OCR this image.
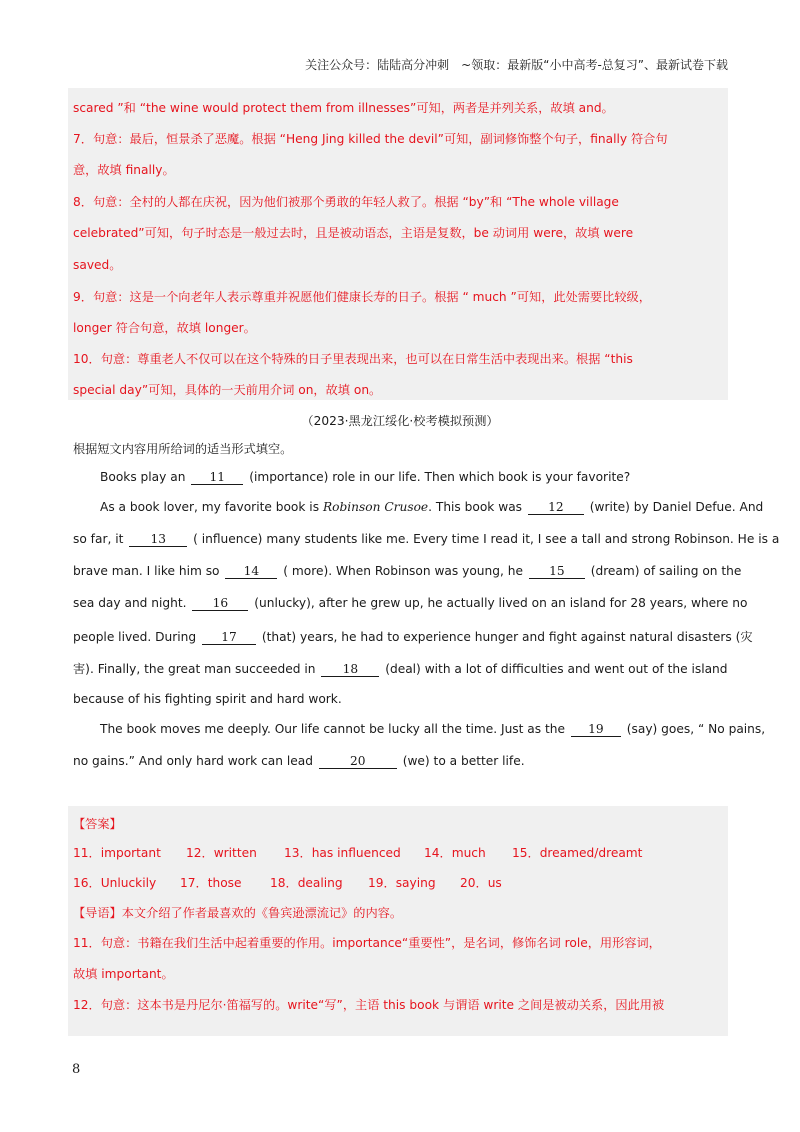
关注公众号：陆陆高分冲刺　~领取：最新版“小中高考-总复习”、最新试卷下载
scared ”和 “the wine would protect them from illnesses”可知，两者是并列关系，故填 and。
7．句意：最后，恒景杀了恶魔。根据 “Heng Jing killed the devil”可知，副词修饰整个句子，finally 符合句
意，故填 finally。
8．句意：全村的人都在庆祝，因为他们被那个勇敢的年轻人救了。根据 “by”和 “The whole village
celebrated”可知，句子时态是一般过去时，且是被动语态，主语是复数，be 动词用 were，故填 were
saved。
9．句意：这是一个向老年人表示尊重并祝愿他们健康长寿的日子。根据 “ much ”可知，此处需要比较级，
longer 符合句意，故填 longer。
10．句意：尊重老人不仅可以在这个特殊的日子里表现出来，也可以在日常生活中表现出来。根据 “this
special day”可知，具体的一天前用介词 on，故填 on。
（2023·黑龙江绥化·校考模拟预测）
根据短文内容用所给词的适当形式填空。
Books play an 11 (importance) role in our life. Then which book is your favorite?
As a book lover, my favorite book is Robinson Crusoe. This book was 12 (write) by Daniel Defue. And
so far, it 13 ( influence) many students like me. Every time I read it, I see a tall and strong Robinson. He is a
brave man. I like him so 14 ( more). When Robinson was young, he 15 (dream) of sailing on the
sea day and night. 16 (unlucky), after he grew up, he actually lived on an island for 28 years, where no
people lived. During 17 (that) years, he had to experience hunger and fight against natural disasters (灾
害). Finally, the great man succeeded in 18 (deal) with a lot of difficulties and went out of the island
because of his fighting spirit and hard work.
The book moves me deeply. Our life cannot be lucky all the time. Just as the 19 (say) goes, “ No pains,
no gains.” And only hard work can lead	20	(we) to a better life.
【答案】
11．important 12．written 13．has influenced 14．much 15．dreamed/dreamt
16．Unluckily 17．those 18．dealing 19．saying 20．us
【导语】本文介绍了作者最喜欢的《鲁宾逊漂流记》的内容。
11．句意：书籍在我们生活中起着重要的作用。importance“重要性”，是名词，修饰名词 role，用形容词，
故填 important。
12．句意：这本书是丹尼尔·笛福写的。write“写”，主语 this book 与谓语 write 之间是被动关系，因此用被
8
